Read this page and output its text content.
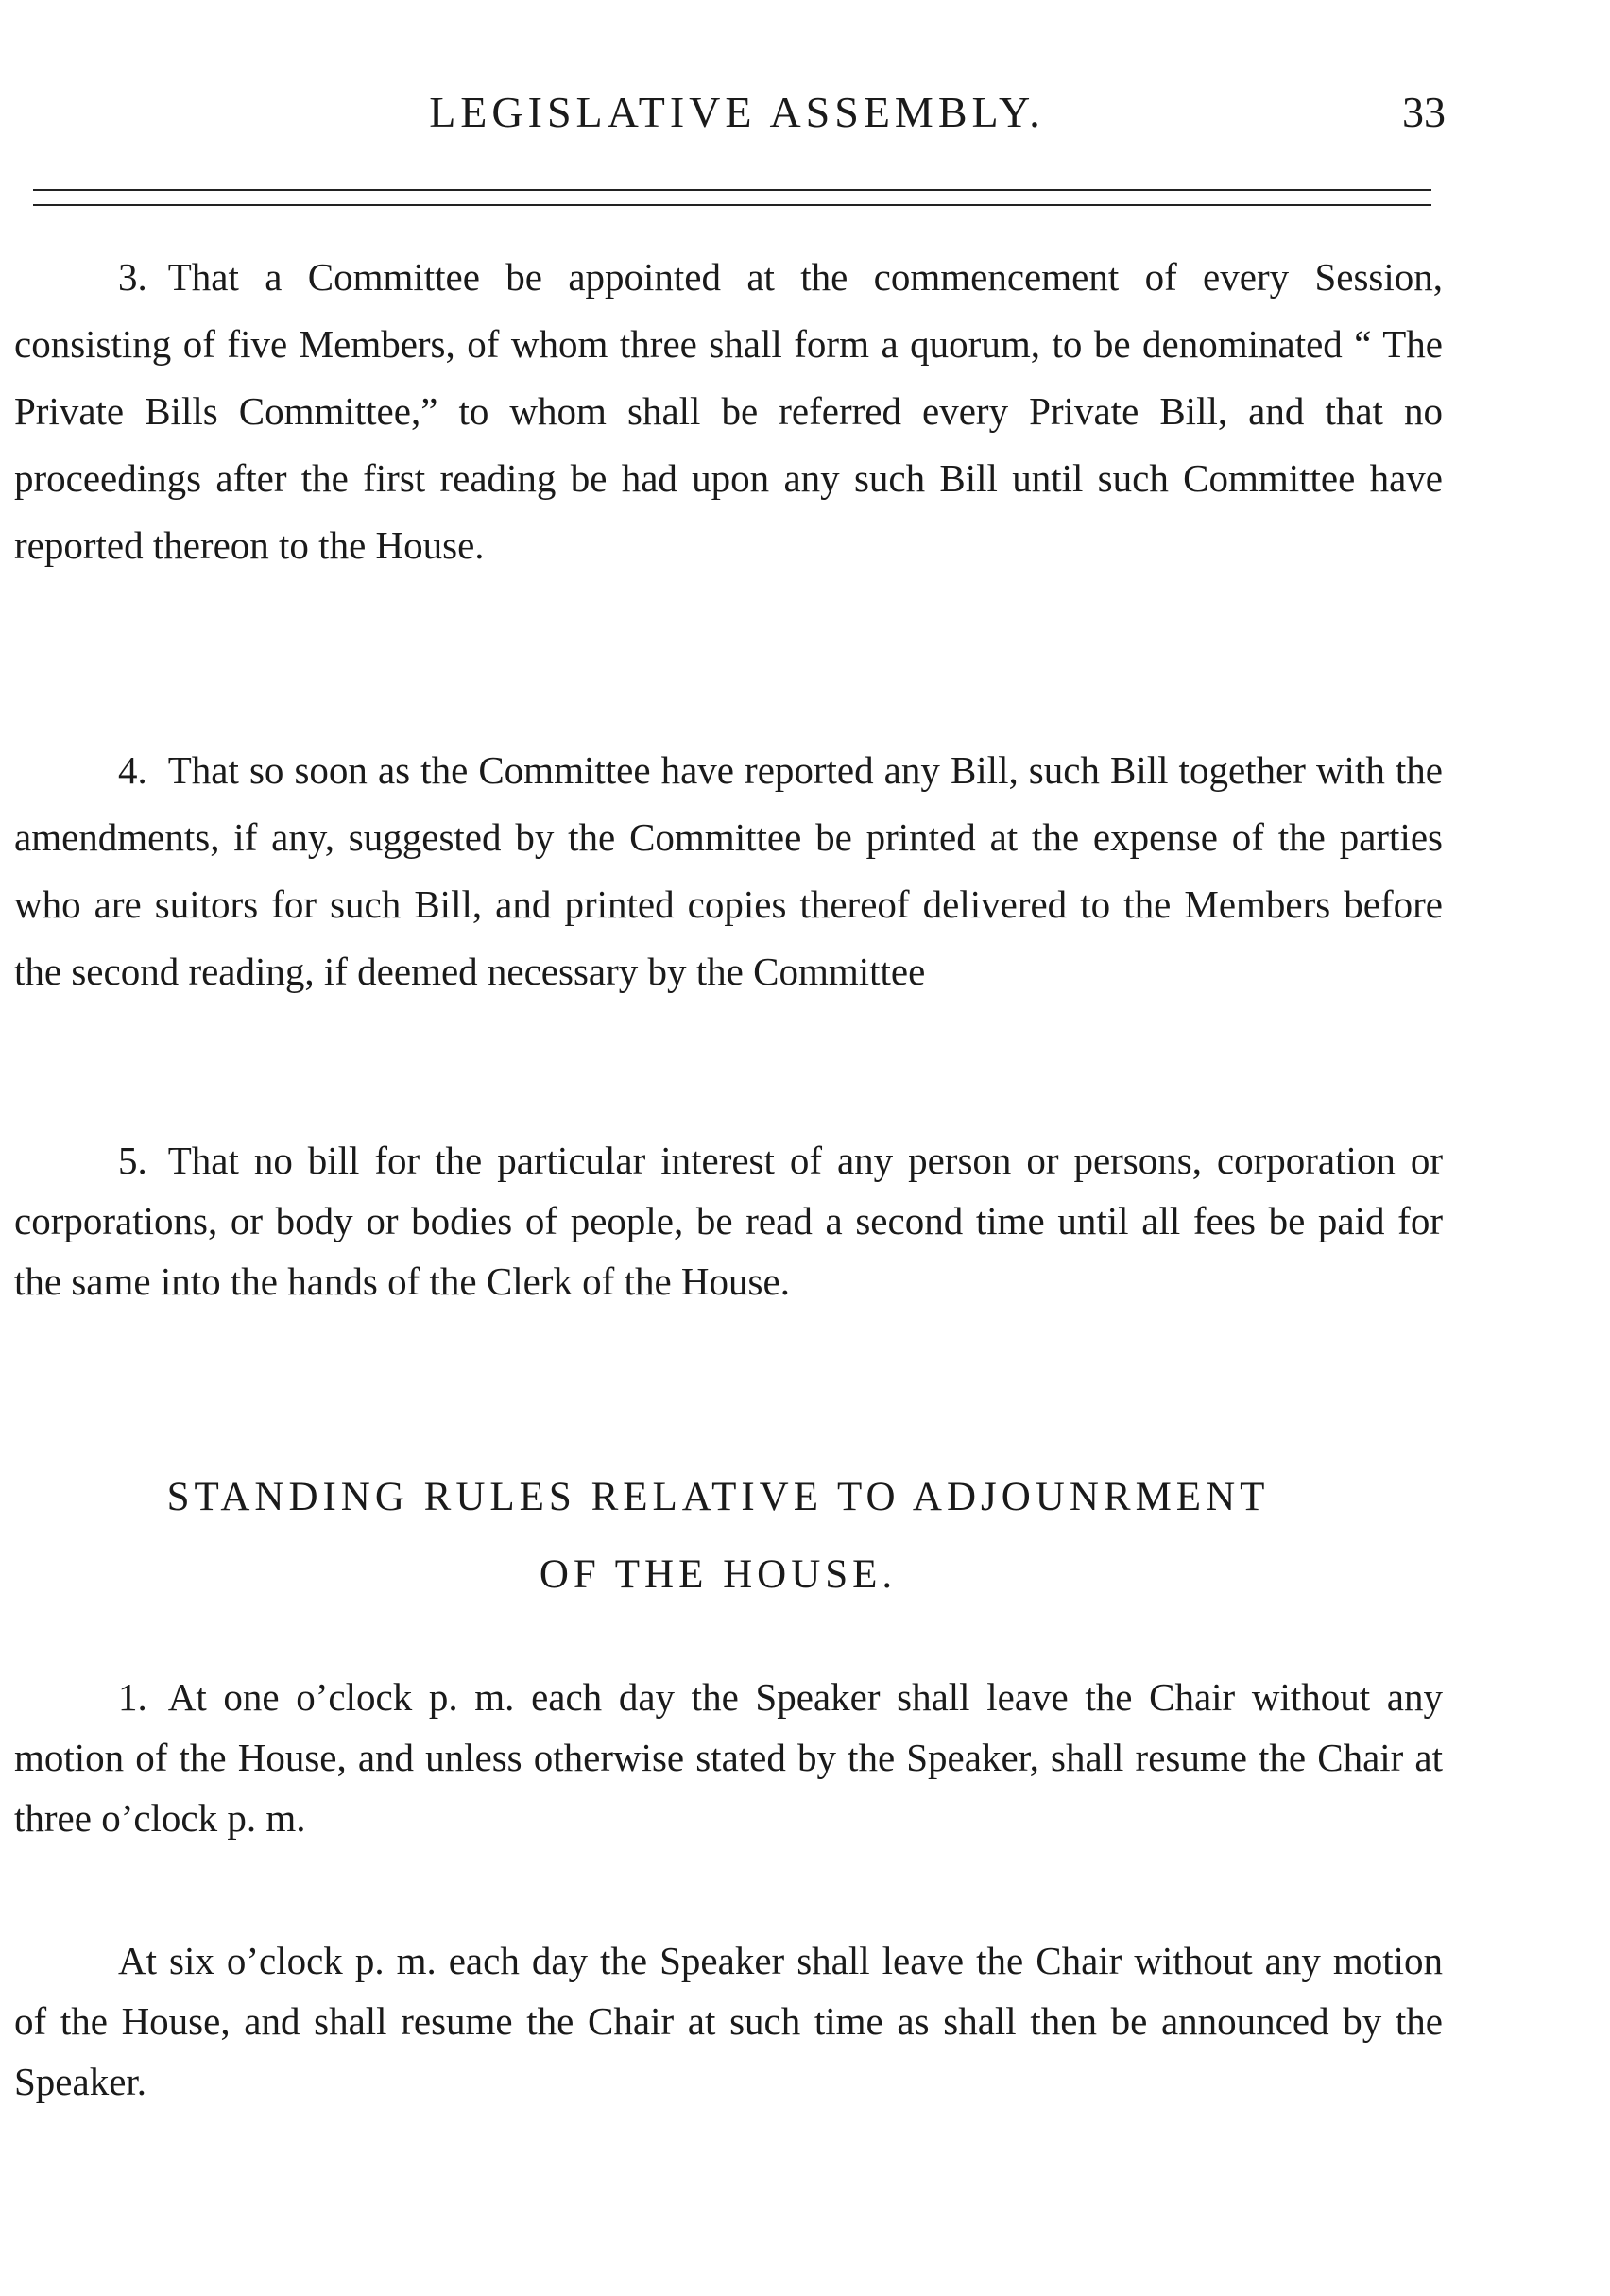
LEGISLATIVE ASSEMBLY.	33

3. That a Committee be appointed at the commencement of every Session, consisting of five Members, of whom three shall form a quorum, to be denominated “ The Private Bills Committee,” to whom shall be referred every Private Bill, and that no proceedings after the first reading be had upon any such Bill until such Committee have reported thereon to the House.

4. That so soon as the Committee have reported any Bill, such Bill together with the amendments, if any, suggested by the Committee be printed at the expense of the parties who are suitors for such Bill, and printed copies thereof delivered to the Members before the second reading, if deemed necessary by the Committee

5. That no bill for the particular interest of any person or persons, corporation or corporations, or body or bodies of people, be read a second time until all fees be paid for the same into the hands of the Clerk of the House.

STANDING RULES RELATIVE TO ADJOUNRMENT
OF THE HOUSE.

1. At one o’clock p. m. each day the Speaker shall leave the Chair without any motion of the House, and unless otherwise stated by the Speaker, shall resume the Chair at three o’clock p. m.

At six o’clock p. m. each day the Speaker shall leave the Chair without any motion of the House, and shall resume the Chair at such time as shall then be announced by the Speaker.
